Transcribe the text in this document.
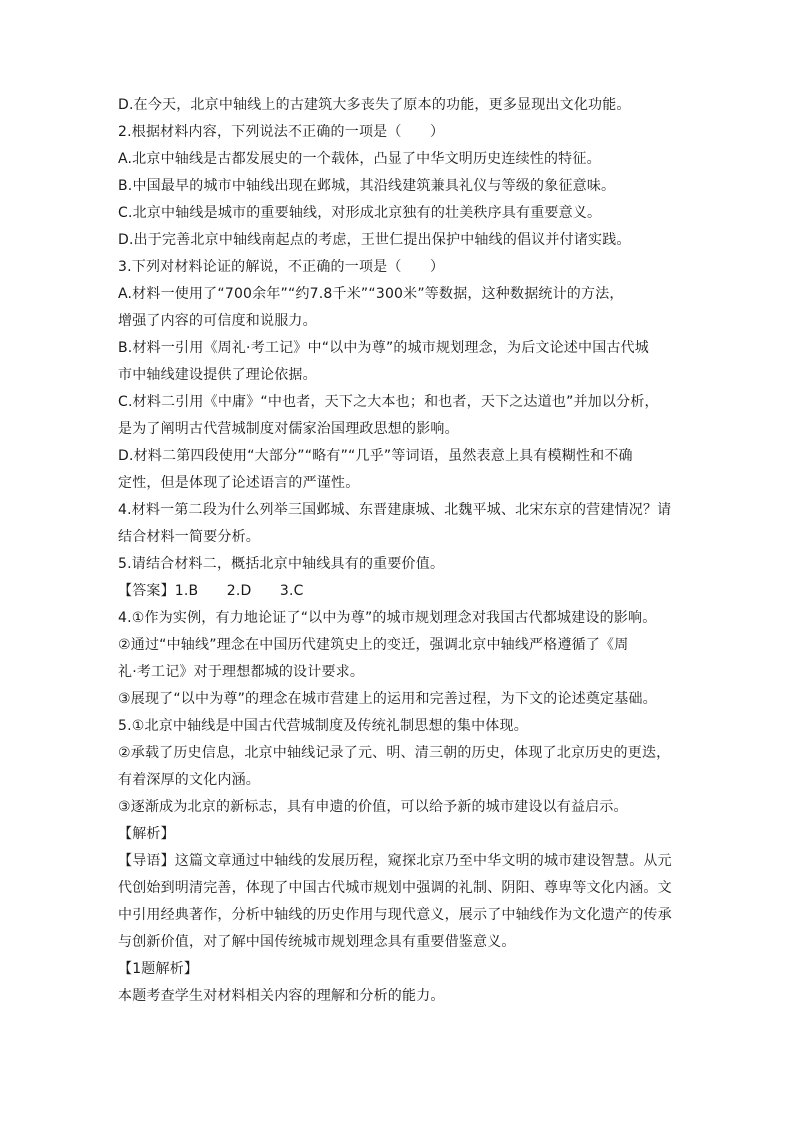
D.在今天，北京中轴线上的古建筑大多丧失了原本的功能，更多显现出文化功能。
2.根据材料内容，下列说法不正确的一项是（　　）
A.北京中轴线是古都发展史的一个载体，凸显了中华文明历史连续性的特征。
B.中国最早的城市中轴线出现在邺城，其沿线建筑兼具礼仪与等级的象征意味。
C.北京中轴线是城市的重要轴线，对形成北京独有的壮美秩序具有重要意义。
D.出于完善北京中轴线南起点的考虑，王世仁提出保护中轴线的倡议并付诸实践。
3.下列对材料论证的解说，不正确的一项是（　　）
A.材料一使用了“700余年”“约7.8千米”“300米”等数据，这种数据统计的方法，
增强了内容的可信度和说服力。
B.材料一引用《周礼·考工记》中“以中为尊”的城市规划理念，为后文论述中国古代城
市中轴线建设提供了理论依据。
C.材料二引用《中庸》“中也者，天下之大本也；和也者，天下之达道也”并加以分析，
是为了阐明古代营城制度对儒家治国理政思想的影响。
D.材料二第四段使用“大部分”“略有”“几乎”等词语，虽然表意上具有模糊性和不确
定性，但是体现了论述语言的严谨性。
4.材料一第二段为什么列举三国邺城、东晋建康城、北魏平城、北宋东京的营建情况？请
结合材料一简要分析。
5.请结合材料二，概括北京中轴线具有的重要价值。
【答案】1.B　　2.D　　3.C
4.①作为实例，有力地论证了“以中为尊”的城市规划理念对我国古代都城建设的影响。
②通过“中轴线”理念在中国历代建筑史上的变迁，强调北京中轴线严格遵循了《周
礼·考工记》对于理想都城的设计要求。
③展现了“以中为尊”的理念在城市营建上的运用和完善过程，为下文的论述奠定基础。
5.①北京中轴线是中国古代营城制度及传统礼制思想的集中体现。
②承载了历史信息，北京中轴线记录了元、明、清三朝的历史，体现了北京历史的更迭，
有着深厚的文化内涵。
③逐渐成为北京的新标志，具有申遗的价值，可以给予新的城市建设以有益启示。
【解析】
【导语】这篇文章通过中轴线的发展历程，窥探北京乃至中华文明的城市建设智慧。从元
代创始到明清完善，体现了中国古代城市规划中强调的礼制、阴阳、尊卑等文化内涵。文
中引用经典著作，分析中轴线的历史作用与现代意义，展示了中轴线作为文化遗产的传承
与创新价值，对了解中国传统城市规划理念具有重要借鉴意义。
【1题解析】
本题考查学生对材料相关内容的理解和分析的能力。
